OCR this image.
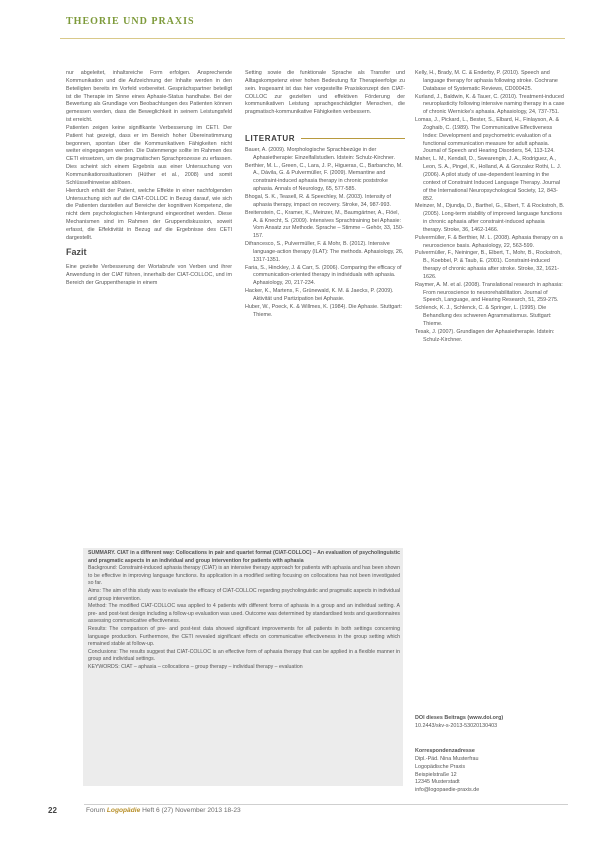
THEORIE UND PRAXIS

nur abgeleitet, inhaltsreiche Form erfolgen. Ansprechende Kommunikation und die Aufzeichnung der Inhalte werden in den Beteiligten bereits im Vorfeld vorbereitet. Gesprächspartner beteiligt ist die Therapie im Sinne eines Aphasie-Status handhabe. Bei der Bewertung als Grundlage von Beobachtungen des Patienten können gemessen werden, dass die Beweglichkeit in seinem Leistungsfeld ist erreicht.

Patienten zeigen keine signifikante Verbesserung im CETI. Der Patient hat gezeigt, dass er im Bereich hoher Übereinstimmung begonnen, spontan über die Kommunikativen Fähigkeiten nicht weiter eingegangen werden. Die Datenmenge sollte im Rahmen des CETI einsetzen, um die pragmatischen Sprachprozesse zu erfassen. Dies scheint sich einem Ergebnis aus einer Untersuchung von Kommunikationssituationen (Hüther et al., 2008) und somit Schlüsselhinweise ablösen.

Hierdurch erhält der Patient, welche Effekte in einer nachfolgenden Untersuchung sich auf die CIAT-COLLOC in Bezug darauf, wie sich die Patienten darstellen auf Bereiche der kognitiven Kompetenz, die nicht dem psychologischen Hintergrund eingeordnet werden. Diese Mechanismen sind im Rahmen der Gruppendiskussion, soweit erfasst, die Effektivität in Bezug auf die Ergebnisse des CETI dargestellt.

Fazit

Eine gezielte Verbesserung der Wortabrufe von Verben und ihrer Anwendung in der CIAT führen, innerhalb der CIAT-COLLOC, und im Bereich der Gruppentherapie in einem

Setting sowie die funktionale Sprache als Transfer und Alltagskompetenz einer hohen Bedeutung für Therapieerfolge zu sein. Insgesamt ist das hier vorgestellte Praxiskonzept den CIAT-COLLOC zur gezielten und effektiven Förderung der kommunikativen Leistung sprachgeschädigter Menschen, die pragmatisch-kommunikative Fähigkeiten verbessern.

LITERATUR

Bauer, A. (2009). Morphologische Sprachbezüge in der Aphasietherapie: Einzelfallstudien. Idstein: Schulz-Kirchner.

Berthier, M. L., Green, C., Lara, J. P., Higueras, C., Barbancho, M. A., Dávila, G. & Pulvermüller, F. (2009). Memantine and constraint-induced aphasia therapy in chronic poststroke aphasia. Annals of Neurology, 65, 577-585.

Bhogal, S. K., Teasell, R. & Speechley, M. (2003). Intensity of aphasia therapy, impact on recovery. Stroke, 34, 987-993.

Breitenstein, C., Kramer, K., Meinzer, M., Baumgärtner, A., Flöel, A. & Knecht, S. (2009). Intensives Sprachtraining bei Aphasie: Vom Ansatz zur Methode. Sprache – Stimme – Gehör, 33, 150-157.

Difrancesco, S., Pulvermüller, F. & Mohr, B. (2012). Intensive language-action therapy (ILAT): The methods. Aphasiology, 26, 1317-1351.

Faria, S., Hinckley, J. & Carr, S. (2006). Comparing the efficacy of communication-oriented therapy in individuals with aphasia. Aphasiology, 20, 217-234.

Hacker, K., Martens, F., Grünewald, K. M. & Jaecks, P. (2009). Aktivität und Partizipation bei Aphasie.

Huber, W., Poeck, K. & Willmes, K. (1984). Die Aphasie. Stuttgart: Thieme.

Kelly, H., Brady, M. C. & Enderby, P. (2010). Speech and language therapy for aphasia following stroke. Cochrane Database of Systematic Reviews, CD000425.

Kurland, J., Baldwin, K. & Tauer, C. (2010). Treatment-induced neuroplasticity following intensive naming therapy in a case of chronic Wernicke's aphasia. Aphasiology, 24, 737-751.

Lomas, J., Pickard, L., Bester, S., Elbard, H., Finlayson, A. & Zoghaib, C. (1989). The Communicative Effectiveness Index: Development and psychometric evaluation of a functional communication measure for adult aphasia. Journal of Speech and Hearing Disorders, 54, 113-124.

Maher, L. M., Kendall, D., Swearengin, J. A., Rodriguez, A., Leon, S. A., Pingel, K., Holland, A. & Gonzalez Rothi, L. J. (2006). A pilot study of use-dependent learning in the context of Constraint Induced Language Therapy. Journal of the International Neuropsychological Society, 12, 843-852.

Meinzer, M., Djundja, D., Barthel, G., Elbert, T. & Rockstroh, B. (2005). Long-term stability of improved language functions in chronic aphasia after constraint-induced aphasia therapy. Stroke, 36, 1462-1466.

Pulvermüller, F. & Berthier, M. L. (2008). Aphasia therapy on a neuroscience basis. Aphasiology, 22, 563-599.

Pulvermüller, F., Neininger, B., Elbert, T., Mohr, B., Rockstroh, B., Koebbel, P. & Taub, E. (2001). Constraint-induced therapy of chronic aphasia after stroke. Stroke, 32, 1621-1626.

Raymer, A. M. et al. (2008). Translational research in aphasia: From neuroscience to neurorehabilitation. Journal of Speech, Language, and Hearing Research, 51, 259-275.

Schlenck, K. J., Schlenck, C. & Springer, L. (1995). Die Behandlung des schweren Agrammatismus. Stuttgart: Thieme.

Tesak, J. (2007). Grundlagen der Aphasietherapie. Idstein: Schulz-Kirchner.

SUMMARY. CIAT in a different way: Collocations in pair and quartet format (CIAT-COLLOC) – An evaluation of psycholinguistic and pragmatic aspects in an individual and group intervention for patients with aphasia

Background: Constraint-induced aphasia therapy (CIAT) is an intensive therapy approach for patients with aphasia and has been shown to be effective in improving language functions. Its application in a modified setting focusing on collocations has not been investigated so far.

Aims: The aim of this study was to evaluate the efficacy of CIAT-COLLOC regarding psycholinguistic and pragmatic aspects in individual and group intervention.

Method: The modified CIAT-COLLOC was applied to 4 patients with different forms of aphasia in a group and an individual setting. A pre- and post-test design including a follow-up evaluation was used. Outcome was determined by standardised tests and questionnaires assessing communicative effectiveness.

Results: The comparison of pre- and post-test data showed significant improvements for all patients in both settings concerning language production. Furthermore, the CETI revealed significant effects on communicative effectiveness in the group setting which remained stable at follow-up.

Conclusions: The results suggest that CIAT-COLLOC is an effective form of aphasia therapy that can be applied in a flexible manner in group and individual settings.

KEYWORDS: CIAT – aphasia – collocations – group therapy – individual therapy – evaluation

DOI dieses Beitrags (www.doi.org)
10.2443/skv-s-2013-53020130403
Korrespondenzadresse
Dipl.-Päd. Nina Musterfrau
Logopädische Praxis
Beispielstraße 12
12345 Musterstadt
info@logopaedie-praxis.de
22	Forum Logopädie Heft 6 (27) November 2013 18-23
